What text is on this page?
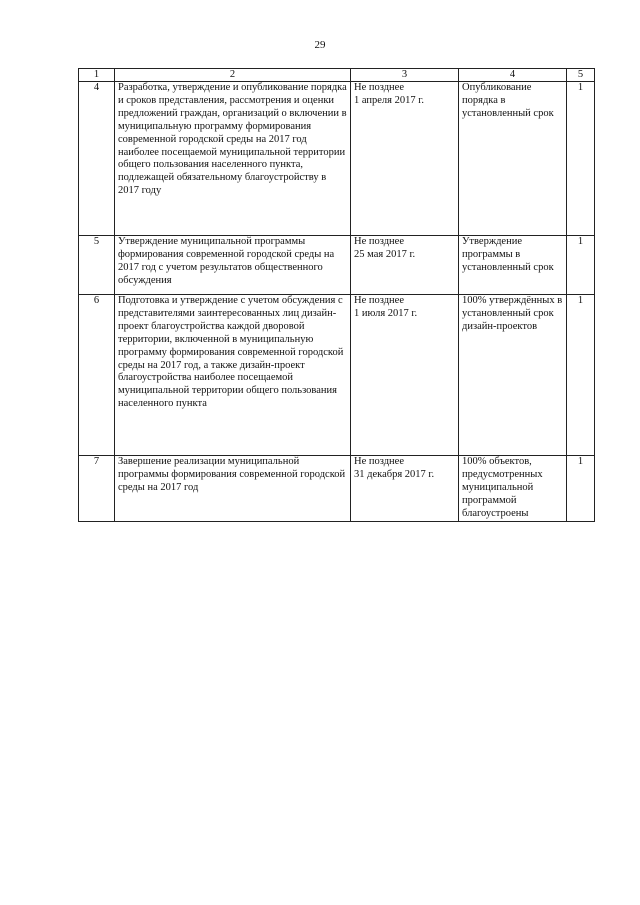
29
1	2	3	4	5
4	Разработка, утверждение и опубликование порядка и сроков представления, рассмотрения и оценки предложений граждан, организаций о включении в муниципальную программу формирования современной городской среды на 2017 год наиболее посещаемой муниципальной территории общего пользования населенного пункта, подлежащей обязательному благоустройству в 2017 году	Не позднее
1 апреля 2017 г.	Опубликование порядка в установленный срок	1
5	Утверждение муниципальной программы формирования современной городской среды на 2017 год с учетом результатов общественного обсуждения	Не позднее
25 мая 2017 г.	Утверждение программы в установленный срок	1
6	Подготовка и утверждение с учетом обсуждения с представителями заинтересованных лиц дизайн-проект благоустройства каждой дворовой территории, включенной в муниципальную программу формирования современной городской среды на 2017 год, а также дизайн-проект благоустройства наиболее посещаемой муниципальной территории общего пользования населенного пункта	Не позднее
1 июля 2017 г.	100% утверждённых в установленный срок дизайн-проектов	1
7	Завершение реализации муниципальной программы формирования современной городской среды на 2017 год	Не позднее
31 декабря 2017 г.	100% объектов, предусмотренных муниципальной программой благоустроены	1
